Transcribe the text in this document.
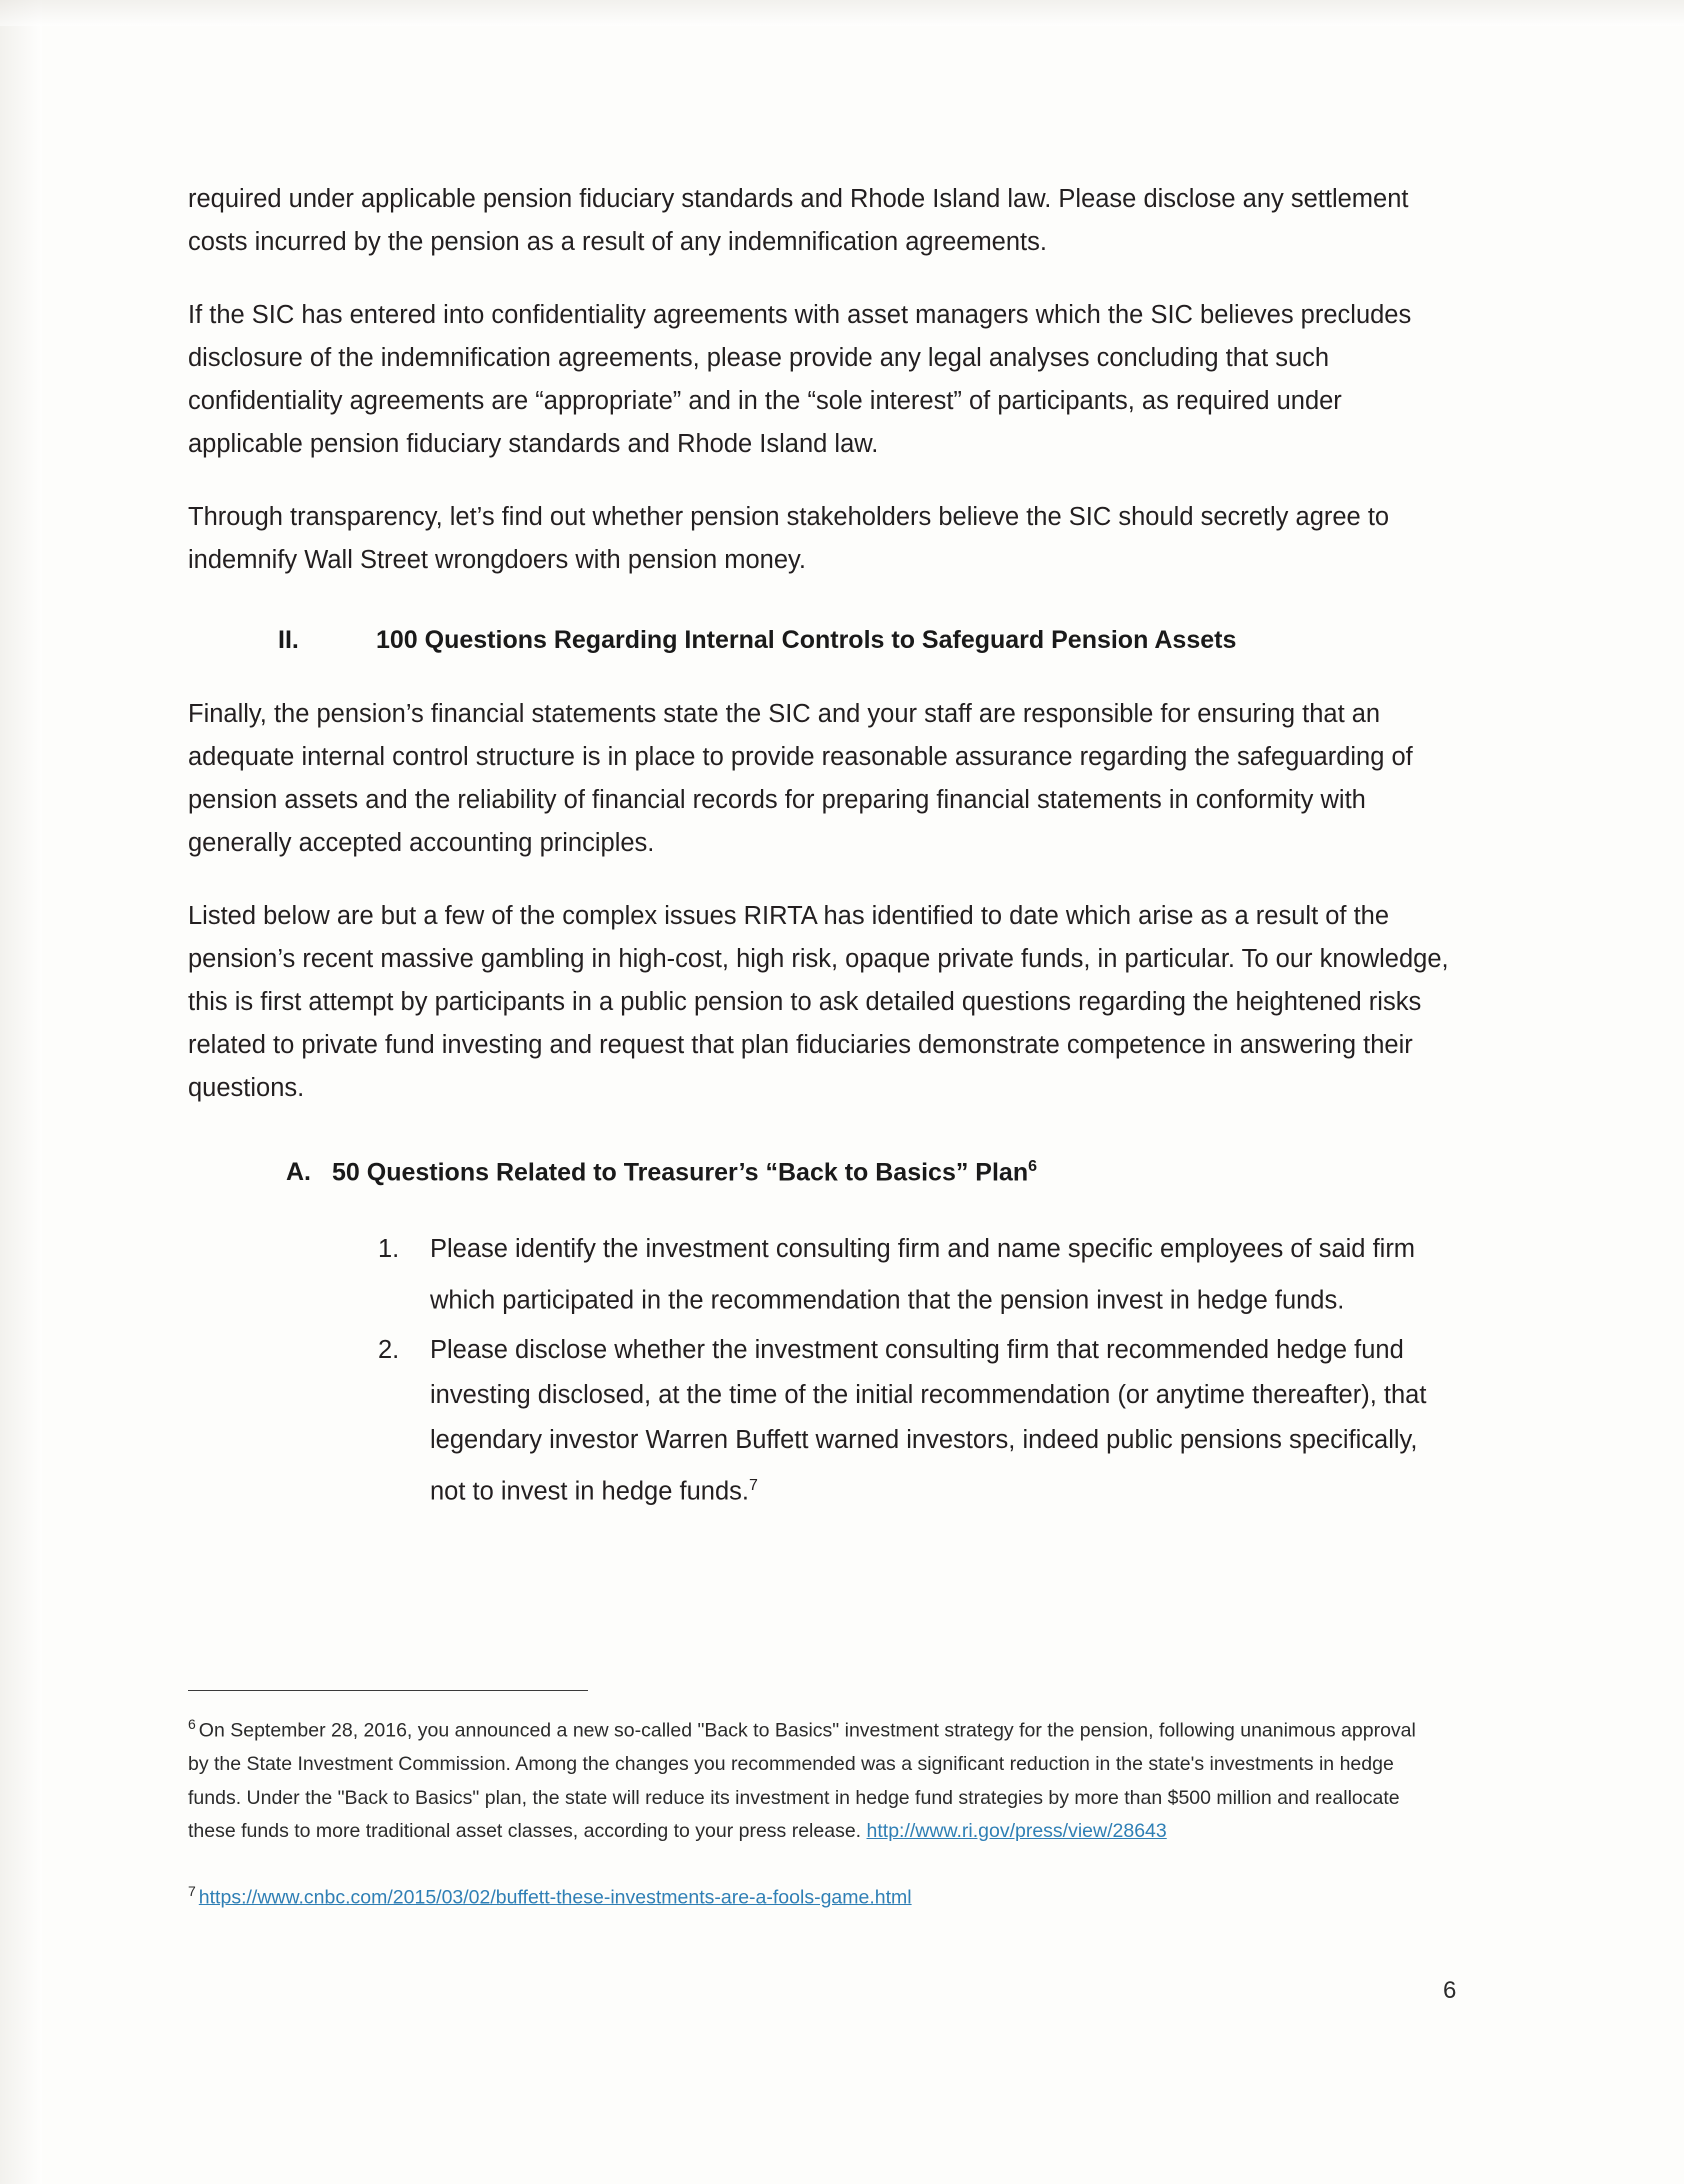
required under applicable pension fiduciary standards and Rhode Island law. Please disclose any settlement costs incurred by the pension as a result of any indemnification agreements.

If the SIC has entered into confidentiality agreements with asset managers which the SIC believes precludes disclosure of the indemnification agreements, please provide any legal analyses concluding that such confidentiality agreements are “appropriate” and in the “sole interest” of participants, as required under applicable pension fiduciary standards and Rhode Island law.

Through transparency, let’s find out whether pension stakeholders believe the SIC should secretly agree to indemnify Wall Street wrongdoers with pension money.

II.	100 Questions Regarding Internal Controls to Safeguard Pension Assets

Finally, the pension’s financial statements state the SIC and your staff are responsible for ensuring that an adequate internal control structure is in place to provide reasonable assurance regarding the safeguarding of pension assets and the reliability of financial records for preparing financial statements in conformity with generally accepted accounting principles.

Listed below are but a few of the complex issues RIRTA has identified to date which arise as a result of the pension’s recent massive gambling in high-cost, high risk, opaque private funds, in particular. To our knowledge, this is first attempt by participants in a public pension to ask detailed questions regarding the heightened risks related to private fund investing and request that plan fiduciaries demonstrate competence in answering their questions.

A. 50 Questions Related to Treasurer’s “Back to Basics” Plan$^6$
1.	Please identify the investment consulting firm and name specific employees of said firm which participated in the recommendation that the pension invest in hedge funds.
2.	Please disclose whether the investment consulting firm that recommended hedge fund investing disclosed, at the time of the initial recommendation (or anytime thereafter), that legendary investor Warren Buffett warned investors, indeed public pensions specifically, not to invest in hedge funds.$^7$
$^6$ On September 28, 2016, you announced a new so-called "Back to Basics" investment strategy for the pension, following unanimous approval by the State Investment Commission. Among the changes you recommended was a significant reduction in the state's investments in hedge funds. Under the "Back to Basics" plan, the state will reduce its investment in hedge fund strategies by more than $500 million and reallocate these funds to more traditional asset classes, according to your press release. http://www.ri.gov/press/view/28643
$^7$ https://www.cnbc.com/2015/03/02/buffett-these-investments-are-a-fools-game.html
6
